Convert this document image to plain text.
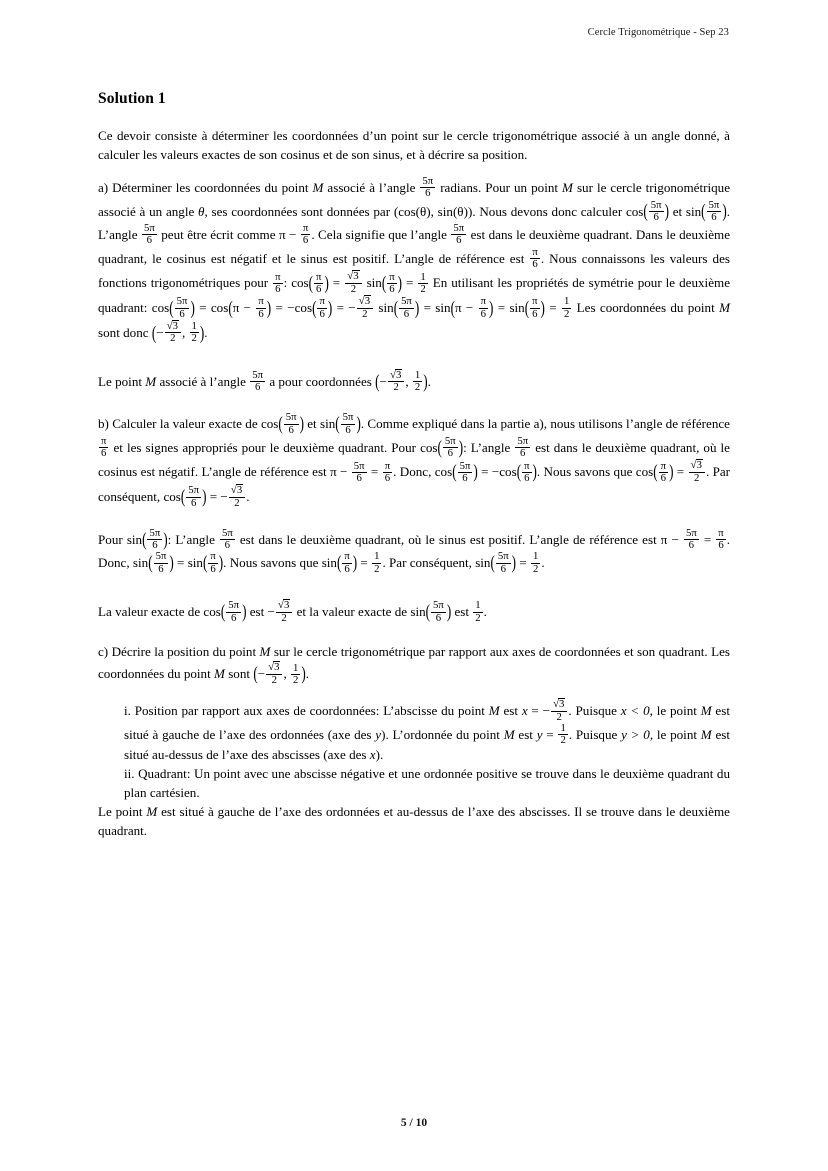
Cercle Trigonométrique - Sep 23
Solution 1

Ce devoir consiste à déterminer les coordonnées d’un point sur le cercle trigonométrique associé à un angle donné, à calculer les valeurs exactes de son cosinus et de son sinus, et à décrire sa position.

a) Déterminer les coordonnées du point M associé à l’angle $\frac{5\pi}{6}$ radians. Pour un point M sur le cercle trigonométrique associé à un angle θ, ses coordonnées sont données par (cos(θ), sin(θ)). Nous devons donc calculer $\cos( \frac{5\pi}{6}$ ) et $\sin( \frac{5\pi}{6}$ ). L’angle $\frac{5\pi}{6}$ peut être écrit comme $\pi - \frac{\pi}{6}$ . Cela signifie que l’angle $\frac{5\pi}{6}$ est dans le deuxième quadrant. Dans le deuxième quadrant, le cosinus est négatif et le sinus est positif. L’angle de référence est $\frac{\pi}{6}$ . Nous connaissons les valeurs des fonctions trigonométriques pour $\frac{\pi}{6}$ : $\cos( \frac{\pi}{6}$ ) = $\frac{√3}{2} \sin( \frac{\pi}{6}$ ) = $\frac{1}{2}$ En utilisant les propriétés de symétrie pour le deuxième quadrant: $\cos( \frac{5\pi}{6}$ ) = $\cos(\pi - \frac{\pi}{6}$ ) = $-\cos( \frac{\pi}{6}$ ) = − $\frac{√3}{2} \sin( \frac{5\pi}{6}$ ) = $\sin(\pi - \frac{\pi}{6}$ ) = $\sin( \frac{\pi}{6}$ ) = $\frac{1}{2}$ Les coordonnées du point M sont donc (− $\frac{√3}{2}$ , $\frac{1}{2}$ ).

Le point M associé à l’angle $\frac{5\pi}{6}$ a pour coordonnées (− $\frac{√3}{2}$ , $\frac{1}{2}$ ).

b) Calculer la valeur exacte de $\cos( \frac{5\pi}{6}$ ) et $\sin( \frac{5\pi}{6}$ ). Comme expliqué dans la partie a), nous utilisons l’angle de référence
$\frac{\pi}{6}$ et les signes appropriés pour le deuxième quadrant. Pour $\cos( \frac{5\pi}{6}$ ): L’angle $\frac{5\pi}{6}$ est dans le deuxième quadrant, où le cosinus est négatif. L’angle de référence est $\pi - \frac{5\pi}{6} = \frac{\pi}{6}$ . Donc, $\cos( \frac{5\pi}{6}$ ) = $-\cos( \frac{\pi}{6}$ ). Nous savons que $\cos( \frac{\pi}{6}$ ) = $\frac{√3}{2}$ . Par conséquent, $\cos( \frac{5\pi}{6}$ ) = − $\frac{√3}{2}$ .

Pour $\sin( \frac{5\pi}{6}$ ): L’angle $\frac{5\pi}{6}$ est dans le deuxième quadrant, où le sinus est positif. L’angle de référence est $\pi - \frac{5\pi}{6} = \frac{\pi}{6}$ . Donc, $\sin( \frac{5\pi}{6}$ ) = $\sin( \frac{\pi}{6}$ ). Nous savons que $\sin( \frac{\pi}{6}$ ) = $\frac{1}{2}$ . Par conséquent, $\sin( \frac{5\pi}{6}$ ) = $\frac{1}{2}$ .

La valeur exacte de $\cos( \frac{5\pi}{6}$ ) est − $\frac{√3}{2}$ et la valeur exacte de $\sin( \frac{5\pi}{6}$ ) est $\frac{1}{2}$ .

c) Décrire la position du point M sur le cercle trigonométrique par rapport aux axes de coordonnées et son quadrant. Les coordonnées du point M sont (− $\frac{√3}{2}$ , $\frac{1}{2}$ ).

i. Position par rapport aux axes de coordonnées: L’abscisse du point M est x = − $\frac{√3}{2}$ . Puisque x < 0, le point M est situé à gauche de l’axe des ordonnées (axe des y). L’ordonnée du point M est $y = \frac{1}{2}$ . Puisque y > 0, le point M est situé au-dessus de l’axe des abscisses (axe des x).

ii. Quadrant: Un point avec une abscisse négative et une ordonnée positive se trouve dans le deuxième quadrant du plan cartésien.

Le point M est situé à gauche de l’axe des ordonnées et au-dessus de l’axe des abscisses. Il se trouve dans le deuxième quadrant.

5 / 10
